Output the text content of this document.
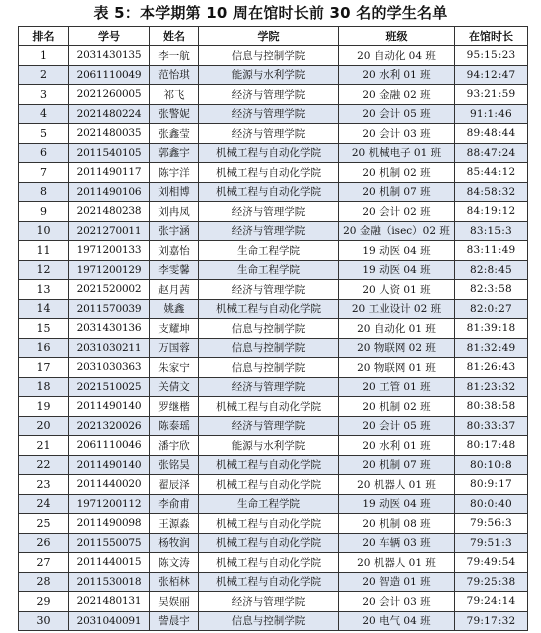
表 5：本学期第 10 周在馆时长前 30 名的学生名单
排名	学号	姓名	学院	班级	在馆时长
1	2031430135	李一航	信息与控制学院	20 自动化 04 班	95:15:23
2	2061110049	范怡琪	能源与水利学院	20 水利 01 班	94:12:47
3	2021260005	祁飞	经济与管理学院	20 金融 02 班	93:21:59
4	2021480224	张警妮	经济与管理学院	20 会计 05 班	91:1:46
5	2021480035	张鑫莹	经济与管理学院	20 会计 03 班	89:48:44
6	2011540105	郭鑫宇	机械工程与自动化学院	20 机械电子 01 班	88:47:24
7	2011490117	陈宇洋	机械工程与自动化学院	20 机制 02 班	85:44:12
8	2011490106	刘相博	机械工程与自动化学院	20 机制 07 班	84:58:32
9	2021480238	刘冉凤	经济与管理学院	20 会计 02 班	84:19:12
10	2021270011	张宇涵	经济与管理学院	20 金融（isec）02 班	83:15:3
11	1971200133	刘嘉怡	生命工程学院	19 动医 04 班	83:11:49
12	1971200129	李雯馨	生命工程学院	19 动医 04 班	82:8:45
13	2021520002	赵月茜	经济与管理学院	20 人资 01 班	82:3:58
14	2011570039	姚鑫	机械工程与自动化学院	20 工业设计 02 班	82:0:27
15	2031430136	支耀坤	信息与控制学院	20 自动化 01 班	81:39:18
16	2031030211	万国蓉	信息与控制学院	20 物联网 02 班	81:32:49
17	2031030363	朱家宁	信息与控制学院	20 物联网 01 班	81:26:43
18	2021510025	关倩文	经济与管理学院	20 工管 01 班	81:23:32
19	2011490140	罗继楷	机械工程与自动化学院	20 机制 02 班	80:38:58
20	2021320026	陈泰瑶	经济与管理学院	20 会计 05 班	80:33:37
21	2061110046	潘宇欣	能源与水利学院	20 水利 01 班	80:17:48
22	2011490140	张铭昊	机械工程与自动化学院	20 机制 07 班	80:10:8
23	2011440020	翟辰泽	机械工程与自动化学院	20 机器人 01 班	80:9:17
24	1971200112	李俞甫	生命工程学院	19 动医 04 班	80:0:40
25	2011490098	王源淼	机械工程与自动化学院	20 机制 08 班	79:56:3
26	2011550075	杨牧润	机械工程与自动化学院	20 车辆 03 班	79:51:3
27	2011440015	陈文涛	机械工程与自动化学院	20 机器人 01 班	79:49:54
28	2011530018	张栢林	机械工程与自动化学院	20 智造 01 班	79:25:38
29	2021480131	吴娱丽	经济与管理学院	20 会计 03 班	79:24:14
30	2031040091	訾晨宇	信息与控制学院	20 电气 04 班	79:17:32
